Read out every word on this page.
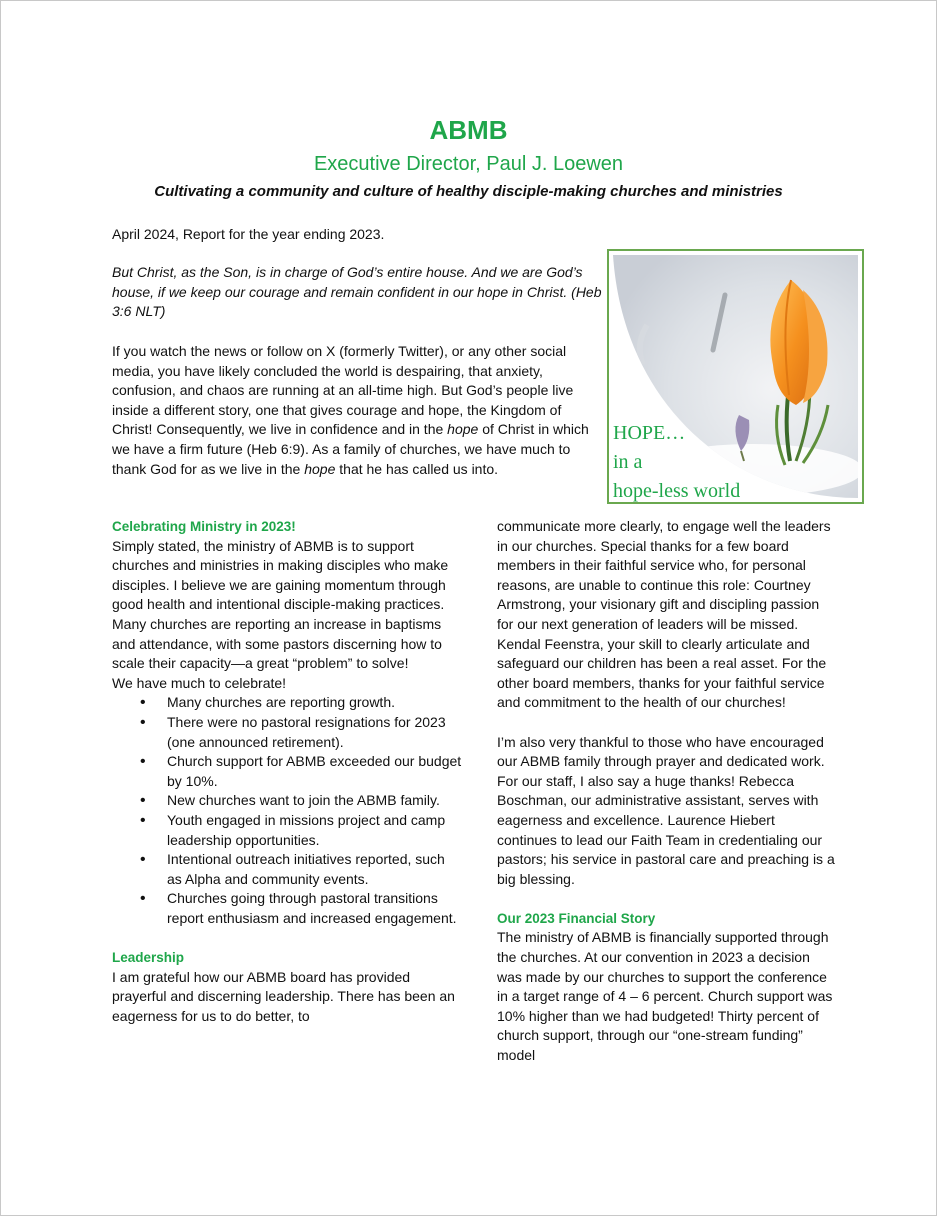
ABMB
Executive Director, Paul J. Loewen
Cultivating a community and culture of healthy disciple-making churches and ministries
April 2024, Report for the year ending 2023.
But Christ, as the Son, is in charge of God’s entire house. And we are God’s house, if we keep our courage and remain confident in our hope in Christ. (Heb 3:6 NLT)
If you watch the news or follow on X (formerly Twitter), or any other social media, you have likely concluded the world is despairing, that anxiety, confusion, and chaos are running at an all-time high. But God’s people live inside a different story, one that gives courage and hope, the Kingdom of Christ! Consequently, we live in confidence and in the hope of Christ in which we have a firm future (Heb 6:9). As a family of churches, we have much to thank God for as we live in the hope that he has called us into.
HOPE…
in a
hope-less world

Celebrating Ministry in 2023!

Simply stated, the ministry of ABMB is to support churches and ministries in making disciples who make disciples. I believe we are gaining momentum through good health and intentional disciple-making practices. Many churches are reporting an increase in baptisms and attendance, with some pastors discerning how to scale their capacity—a great “problem” to solve!

We have much to celebrate!

• Many churches are reporting growth.
• There were no pastoral resignations for 2023 (one announced retirement).
• Church support for ABMB exceeded our budget by 10%.
• New churches want to join the ABMB family.
• Youth engaged in missions project and camp leadership opportunities.
• Intentional outreach initiatives reported, such as Alpha and community events.
• Churches going through pastoral transitions report enthusiasm and increased engagement.

Leadership

I am grateful how our ABMB board has provided prayerful and discerning leadership. There has been an eagerness for us to do better, to

communicate more clearly, to engage well the leaders in our churches. Special thanks for a few board members in their faithful service who, for personal reasons, are unable to continue this role: Courtney Armstrong, your visionary gift and discipling passion for our next generation of leaders will be missed. Kendal Feenstra, your skill to clearly articulate and safeguard our children has been a real asset. For the other board members, thanks for your faithful service and commitment to the health of our churches!

I’m also very thankful to those who have encouraged our ABMB family through prayer and dedicated work. For our staff, I also say a huge thanks! Rebecca Boschman, our administrative assistant, serves with eagerness and excellence. Laurence Hiebert continues to lead our Faith Team in credentialing our pastors; his service in pastoral care and preaching is a big blessing.

Our 2023 Financial Story

The ministry of ABMB is financially supported through the churches. At our convention in 2023 a decision was made by our churches to support the conference in a target range of 4 – 6 percent. Church support was 10% higher than we had budgeted! Thirty percent of church support, through our “one-stream funding” model
